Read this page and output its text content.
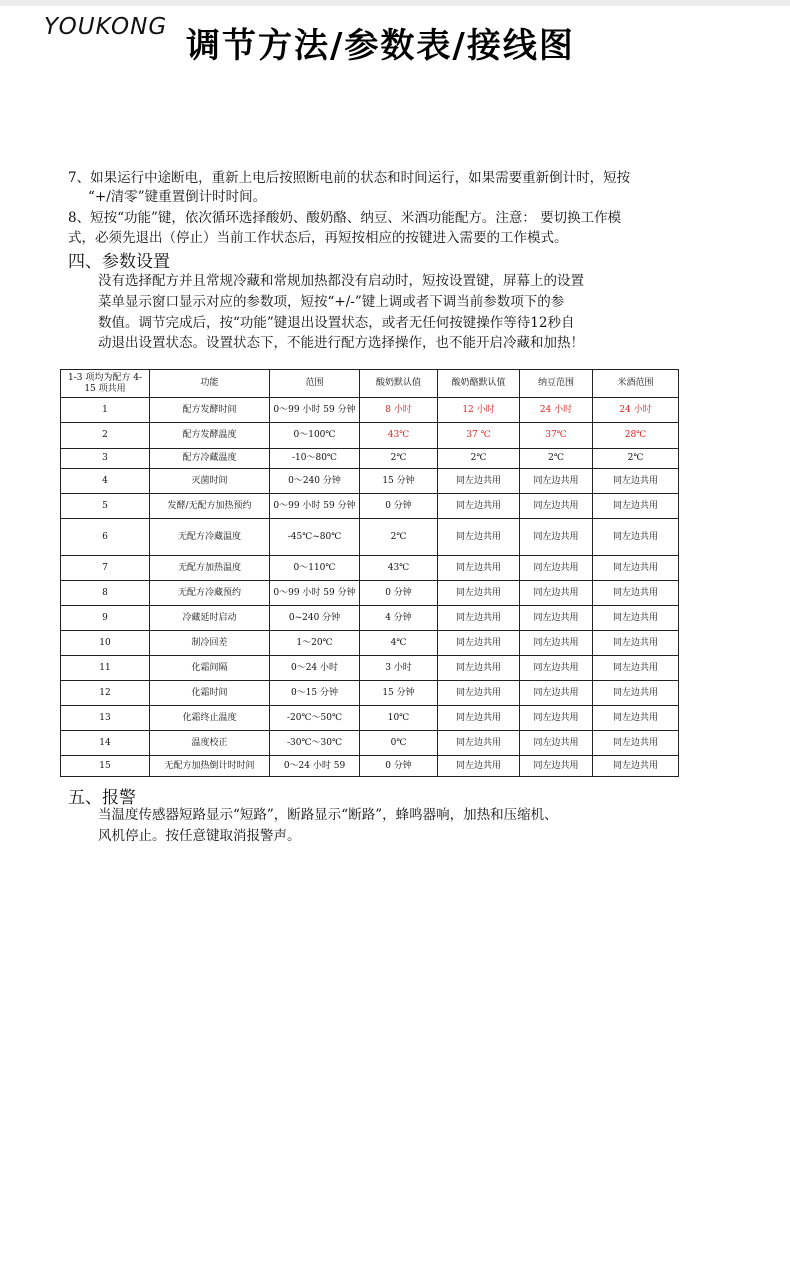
YOUKONG 调节方法/参数表/接线图
7、如果运行中途断电，重新上电后按照断电前的状态和时间运行，如果需要重新倒计时，短按
“+/清零”键重置倒计时时间。
8、短按“功能”键，依次循环选择酸奶、酸奶酪、纳豆、米酒功能配方。注意： 要切换工作模
式，必须先退出（停止）当前工作状态后，再短按相应的按键进入需要的工作模式。
四、参数设置
没有选择配方并且常规冷藏和常规加热都没有启动时，短按设置键，屏幕上的设置
菜单显示窗口显示对应的参数项，短按“+/-”键上调或者下调当前参数项下的参
数值。调节完成后，按“功能”键退出设置状态，或者无任何按键操作等待12秒自
动退出设置状态。设置状态下，不能进行配方选择操作，也不能开启冷藏和加热！
1-3 项均为配方 4-15 项共用	功能	范围	酸奶默认值	酸奶酪默认值	纳豆范围	米酒范围
1	配方发酵时间	0～99 小时 59 分钟	8 小时	12 小时	24 小时	24 小时
2	配方发酵温度	0～100℃	43℃	37 ℃	37℃	28℃
3	配方冷藏温度	-10～80℃	2℃	2℃	2℃	2℃
4	灭菌时间	0～240 分钟	15 分钟	同左边共用	同左边共用	同左边共用
5	发酵/无配方加热预约	0～99 小时 59 分钟	0 分钟	同左边共用	同左边共用	同左边共用
6	无配方冷藏温度	-45℃~80℃	2℃	同左边共用	同左边共用	同左边共用
7	无配方加热温度	0～110℃	43℃	同左边共用	同左边共用	同左边共用
8	无配方冷藏预约	0～99 小时 59 分钟	0 分钟	同左边共用	同左边共用	同左边共用
9	冷藏延时启动	0~240 分钟	4 分钟	同左边共用	同左边共用	同左边共用
10	制冷回差	1～20℃	4℃	同左边共用	同左边共用	同左边共用
11	化霜间隔	0～24 小时	3 小时	同左边共用	同左边共用	同左边共用
12	化霜时间	0～15 分钟	15 分钟	同左边共用	同左边共用	同左边共用
13	化霜终止温度	-20℃～50℃	10℃	同左边共用	同左边共用	同左边共用
14	温度校正	-30℃～30℃	0℃	同左边共用	同左边共用	同左边共用
15	无配方加热倒计时时间	0～24 小时 59	0 分钟	同左边共用	同左边共用	同左边共用
五、报警
当温度传感器短路显示“短路”，断路显示“断路”，蜂鸣器响，加热和压缩机、
风机停止。按任意键取消报警声。
